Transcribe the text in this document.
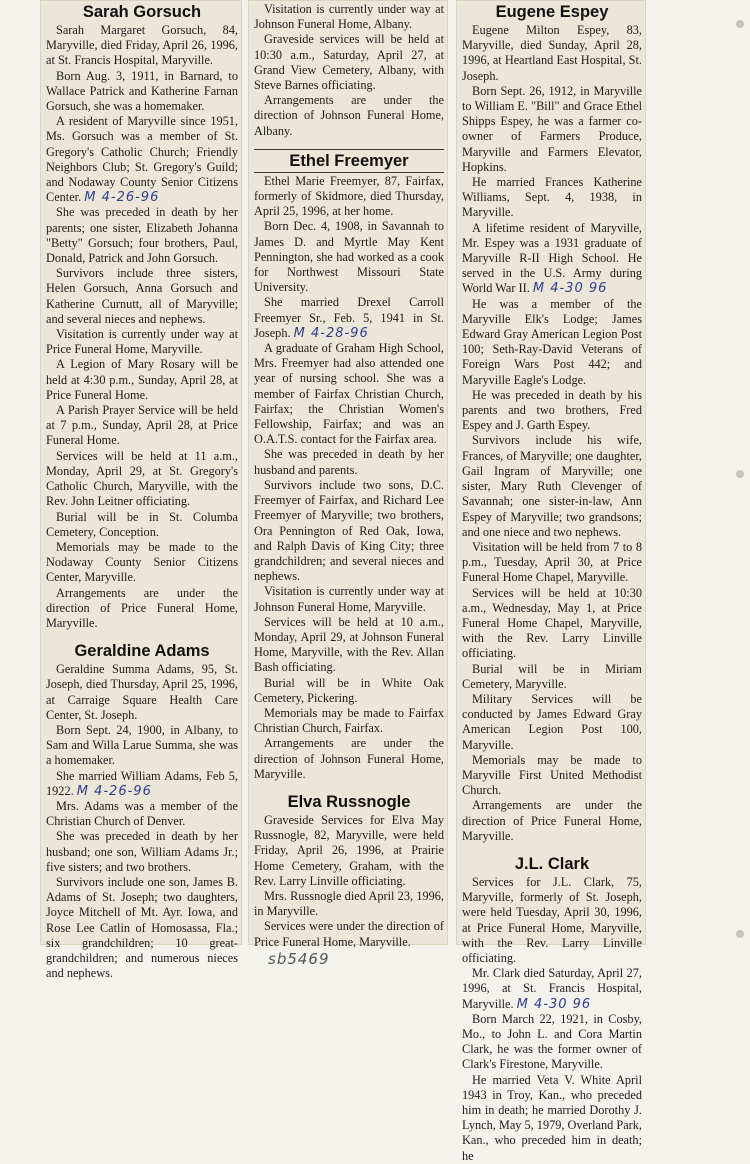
Sarah Gorsuch

Sarah Margaret Gorsuch, 84, Maryville, died Friday, April 26, 1996, at St. Francis Hospital, Maryville.

Born Aug. 3, 1911, in Barnard, to Wallace Patrick and Katherine Farnan Gorsuch, she was a homemaker.

A resident of Maryville since 1951, Ms. Gorsuch was a member of St. Gregory's Catholic Church; Friendly Neighbors Club; St. Gregory's Guild; and Nodaway County Senior Citizens Center. M 4-26-96

She was preceded in death by her parents; one sister, Elizabeth Johanna "Betty" Gorsuch; four brothers, Paul, Donald, Patrick and John Gorsuch.

Survivors include three sisters, Helen Gorsuch, Anna Gorsuch and Katherine Curnutt, all of Maryville; and several nieces and nephews.

Visitation is currently under way at Price Funeral Home, Maryville.

A Legion of Mary Rosary will be held at 4:30 p.m., Sunday, April 28, at Price Funeral Home.

A Parish Prayer Service will be held at 7 p.m., Sunday, April 28, at Price Funeral Home.

Services will be held at 11 a.m., Monday, April 29, at St. Gregory's Catholic Church, Maryville, with the Rev. John Leitner officiating.

Burial will be in St. Columba Cemetery, Conception.

Memorials may be made to the Nodaway County Senior Citizens Center, Maryville.

Arrangements are under the direction of Price Funeral Home, Maryville.

Geraldine Adams

Geraldine Summa Adams, 95, St. Joseph, died Thursday, April 25, 1996, at Carraige Square Health Care Center, St. Joseph.

Born Sept. 24, 1900, in Albany, to Sam and Willa Larue Summa, she was a homemaker.

She married William Adams, Feb 5, 1922. M 4-26-96

Mrs. Adams was a member of the Christian Church of Denver.

She was preceded in death by her husband; one son, William Adams Jr.; five sisters; and two brothers.

Survivors include one son, James B. Adams of St. Joseph; two daughters, Joyce Mitchell of Mt. Ayr. Iowa, and Rose Lee Catlin of Homosassa, Fla.; six grandchildren; 10 great-grandchildren; and numerous nieces and nephews.

Visitation is currently under way at Johnson Funeral Home, Albany.

Graveside services will be held at 10:30 a.m., Saturday, April 27, at Grand View Cemetery, Albany, with Steve Barnes officiating.

Arrangements are under the direction of Johnson Funeral Home, Albany.

Ethel Freemyer

Ethel Marie Freemyer, 87, Fairfax, formerly of Skidmore, died Thursday, April 25, 1996, at her home.

Born Dec. 4, 1908, in Savannah to James D. and Myrtle May Kent Pennington, she had worked as a cook for Northwest Missouri State University.

She married Drexel Carroll Freemyer Sr., Feb. 5, 1941 in St. Joseph. M 4-28-96

A graduate of Graham High School, Mrs. Freemyer had also attended one year of nursing school. She was a member of Fairfax Christian Church, Fairfax; the Christian Women's Fellowship, Fairfax; and was an O.A.T.S. contact for the Fairfax area.

She was preceded in death by her husband and parents.

Survivors include two sons, D.C. Freemyer of Fairfax, and Richard Lee Freemyer of Maryville; two brothers, Ora Pennington of Red Oak, Iowa, and Ralph Davis of King City; three grandchildren; and several nieces and nephews.

Visitation is currently under way at Johnson Funeral Home, Maryville.

Services will be held at 10 a.m., Monday, April 29, at Johnson Funeral Home, Maryville, with the Rev. Allan Bash officiating.

Burial will be in White Oak Cemetery, Pickering.

Memorials may be made to Fairfax Christian Church, Fairfax.

Arrangements are under the direction of Johnson Funeral Home, Maryville.

Elva Russnogle

Graveside Services for Elva May Russnogle, 82, Maryville, were held Friday, April 26, 1996, at Prairie Home Cemetery, Graham, with the Rev. Larry Linville officiating.

Mrs. Russnogle died April 23, 1996, in Maryville.

Services were under the direction of Price Funeral Home, Maryville.

Eugene Espey

Eugene Milton Espey, 83, Maryville, died Sunday, April 28, 1996, at Heartland East Hospital, St. Joseph.

Born Sept. 26, 1912, in Maryville to William E. "Bill" and Grace Ethel Shipps Espey, he was a farmer co-owner of Farmers Produce, Maryville and Farmers Elevator, Hopkins.

He married Frances Katherine Williams, Sept. 4, 1938, in Maryville.

A lifetime resident of Maryville, Mr. Espey was a 1931 graduate of Maryville R-II High School. He served in the U.S. Army during World War II. M 4-30 96

He was a member of the Maryville Elk's Lodge; James Edward Gray American Legion Post 100; Seth-Ray-David Veterans of Foreign Wars Post 442; and Maryville Eagle's Lodge.

He was preceded in death by his parents and two brothers, Fred Espey and J. Garth Espey.

Survivors include his wife, Frances, of Maryville; one daughter, Gail Ingram of Maryville; one sister, Mary Ruth Clevenger of Savannah; one sister-in-law, Ann Espey of Maryville; two grandsons; and one niece and two nephews.

Visitation will be held from 7 to 8 p.m., Tuesday, April 30, at Price Funeral Home Chapel, Maryville.

Services will be held at 10:30 a.m., Wednesday, May 1, at Price Funeral Home Chapel, Maryville, with the Rev. Larry Linville officiating.

Burial will be in Miriam Cemetery, Maryville.

Military Services will be conducted by James Edward Gray American Legion Post 100, Maryville.

Memorials may be made to Maryville First United Methodist Church.

Arrangements are under the direction of Price Funeral Home, Maryville.

J.L. Clark

Services for J.L. Clark, 75, Maryville, formerly of St. Joseph, were held Tuesday, April 30, 1996, at Price Funeral Home, Maryville, with the Rev. Larry Linville officiating.

Mr. Clark died Saturday, April 27, 1996, at St. Francis Hospital, Maryville. M 4-30 96

Born March 22, 1921, in Cosby, Mo., to John L. and Cora Martin Clark, he was the former owner of Clark's Firestone, Maryville.

He married Veta V. White April 1943 in Troy, Kan., who preceded him in death; he married Dorothy J. Lynch, May 5, 1979, Overland Park, Kan., who preceded him in death; he

sb5469
